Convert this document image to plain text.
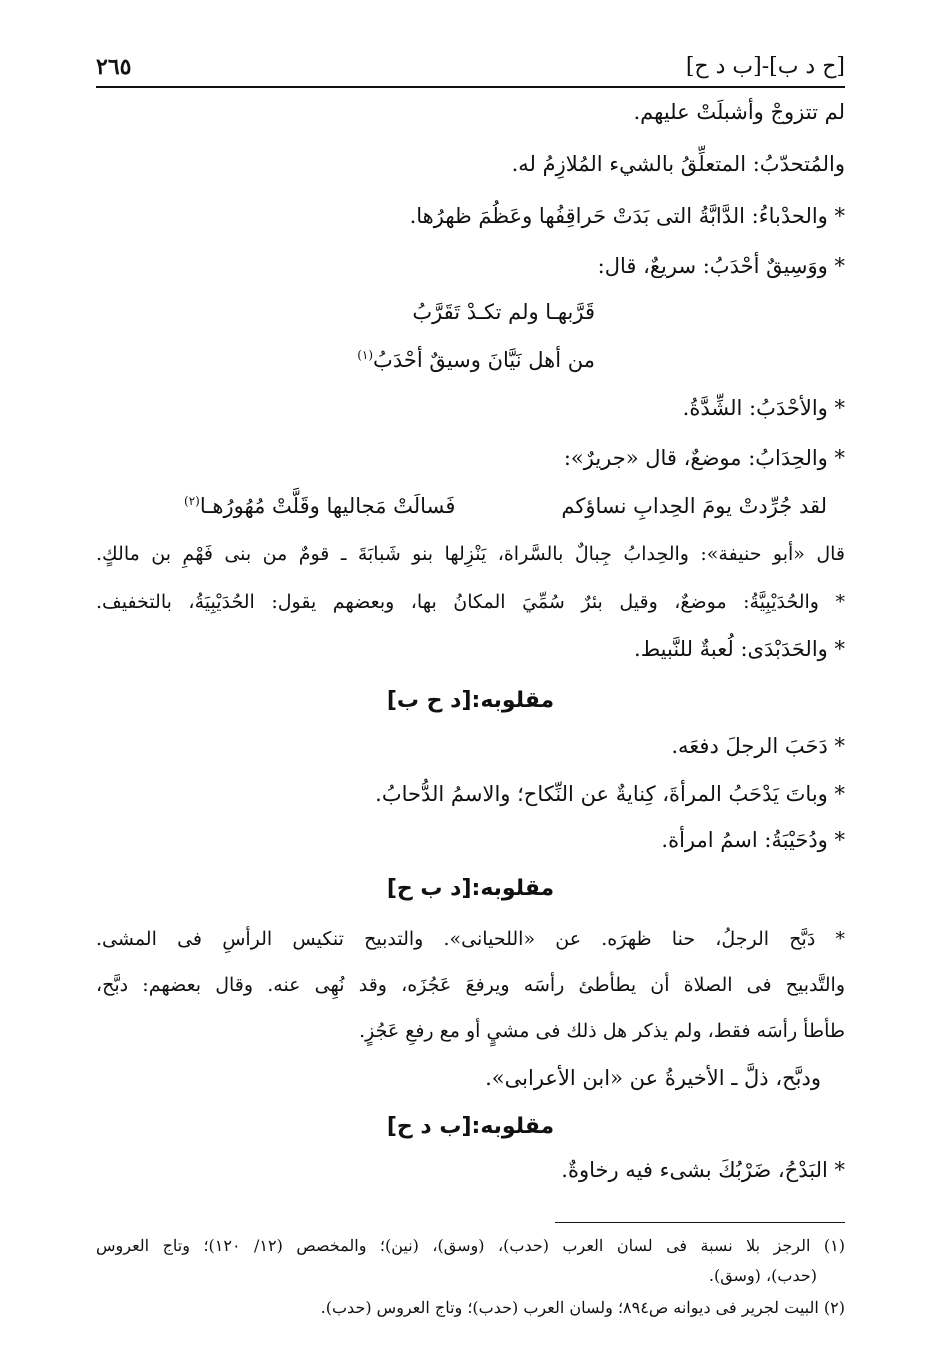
[ح د ب]-[ب د ح]
٢٦٥
لم تتزوجْ وأشبلَتْ عليهم.
والمُتحدّبُ: المتعلِّقُ بالشيء المُلازِمُ له.
* والحدْباءُ: الدَّابَّةُ التى بَدَتْ حَراقِفُها وعَظُمَ ظهرُها.
* ووَسِيقٌ أحْدَبُ: سريعٌ، قال:
قَرَّبهـا ولم تكـدْ تَقَرَّبُ
من أهل نَيَّانَ وسيقٌ أحْدَبُ$^{(١)}$
* والأحْدَبُ: الشِّدَّةُ.
* والحِدَابُ: موضعٌ، قال «جريرٌ»:
لقد جُرِّدتْ يومَ الحِدابِ نساؤكم
فَسالَتْ مَجاليها وقَلَّتْ مُهُورُهـا$^{(٢)}$
قال «أبو حنيفة»: والحِدابُ جِبالٌ بالسَّراة، يَنْزِلها بنو شَبابَةَ ـ قومٌ من بنى فَهْمِ بن مالكٍ.
* والحُدَيْبِيَّةُ: موضعٌ، وقيل بئرٌ سُمِّيَ المكانُ بها، وبعضهم يقول: الحُدَيْبِيَةُ، بالتخفيف.
* والحَدَبْدَى: لُعبةٌ للنَّبيط.
مقلوبه:[د ح ب]
* دَحَبَ الرجلَ دفعَه.
* وباتَ يَدْحَبُ المرأةَ، كِنايةٌ عن النِّكاح؛ والاسمُ الدُّحابُ.
* ودُحَيْبَةُ: اسمُ امرأة.
مقلوبه:[د ب ح]
* دَبَّح الرجلُ، حنا ظهرَه. عن «اللحيانى». والتدبيح تنكيس الرأسِ فى المشى.
والتَّدبيح فى الصلاة أن يطأطئ رأسَه ويرفعَ عَجُزَه، وقد نُهِى عنه. وقال بعضهم: دبَّح،
طأطأ رأسَه فقط، ولم يذكر هل ذلك فى مشيٍ أو مع رفعِ عَجُزٍ.
ودبَّح، ذلَّ ـ الأخيرةُ عن «ابن الأعرابى».
مقلوبه:[ب د ح]
* البَدْحُ، ضَرْبُكَ بشىء فيه رخاوةٌ.
(١) الرجز بلا نسبة فى لسان العرب (حدب)، (وسق)، (نين)؛ والمخصص (١٢/ ١٢٠)؛ وتاج العروس
(حدب)، (وسق).
(٢) البيت لجرير فى ديوانه ص٨٩٤؛ ولسان العرب (حدب)؛ وتاج العروس (حدب).
